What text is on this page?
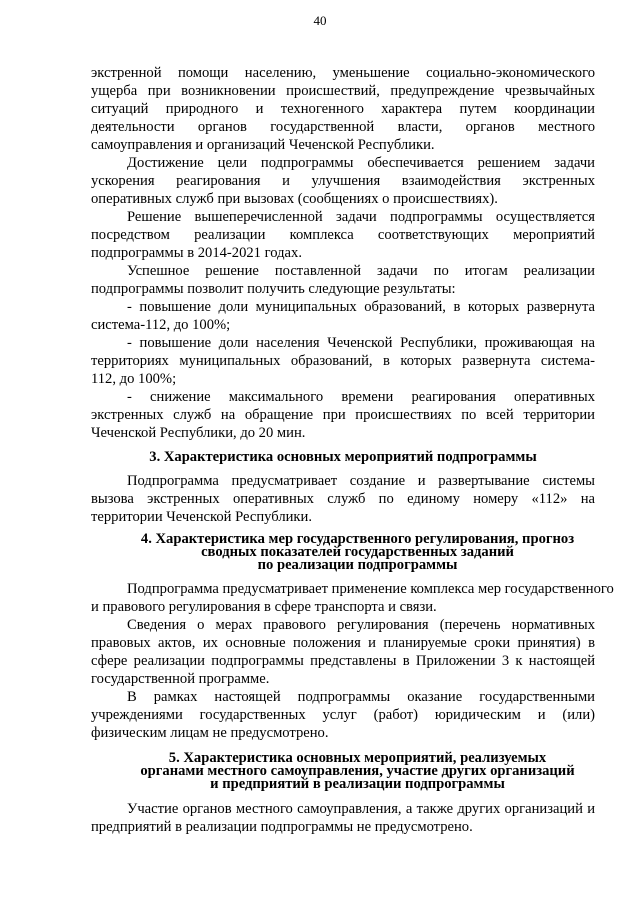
40
экстренной помощи населению, уменьшение социально-экономического
ущерба при возникновении происшествий, предупреждение чрезвычайных
ситуаций природного и техногенного характера путем координации
деятельности органов государственной власти, органов местного
самоуправления и организаций Чеченской Республики.
Достижение цели подпрограммы обеспечивается решением задачи
ускорения реагирования и улучшения взаимодействия экстренных
оперативных служб при вызовах (сообщениях о происшествиях).
Решение вышеперечисленной задачи подпрограммы осуществляется
посредством реализации комплекса соответствующих мероприятий
подпрограммы в 2014-2021 годах.
Успешное решение поставленной задачи по итогам реализации
подпрограммы позволит получить следующие результаты:
- повышение доли муниципальных образований, в которых развернута
система-112, до 100%;
- повышение доли населения Чеченской Республики, проживающая на
территориях муниципальных образований, в которых развернута система-
112, до 100%;
- снижение максимального времени реагирования оперативных
экстренных служб на обращение при происшествиях по всей территории
Чеченской Республики, до 20 мин.
3. Характеристика основных мероприятий подпрограммы
Подпрограмма предусматривает создание и развертывание системы
вызова экстренных оперативных служб по единому номеру «112» на
территории Чеченской Республики.
4. Характеристика мер государственного регулирования, прогноз
сводных показателей государственных заданий
по реализации подпрограммы
Подпрограмма предусматривает применение комплекса мер государственного
и правового регулирования в сфере транспорта и связи.
Сведения о мерах правового регулирования (перечень нормативных
правовых актов, их основные положения и планируемые сроки принятия) в
сфере реализации подпрограммы представлены в Приложении 3 к настоящей
государственной программе.
В рамках настоящей подпрограммы оказание государственными
учреждениями государственных услуг (работ) юридическим и (или)
физическим лицам не предусмотрено.
5. Характеристика основных мероприятий, реализуемых
органами местного самоуправления, участие других организаций
и предприятий в реализации подпрограммы
Участие органов местного самоуправления, а также других организаций и
предприятий в реализации подпрограммы не предусмотрено.
